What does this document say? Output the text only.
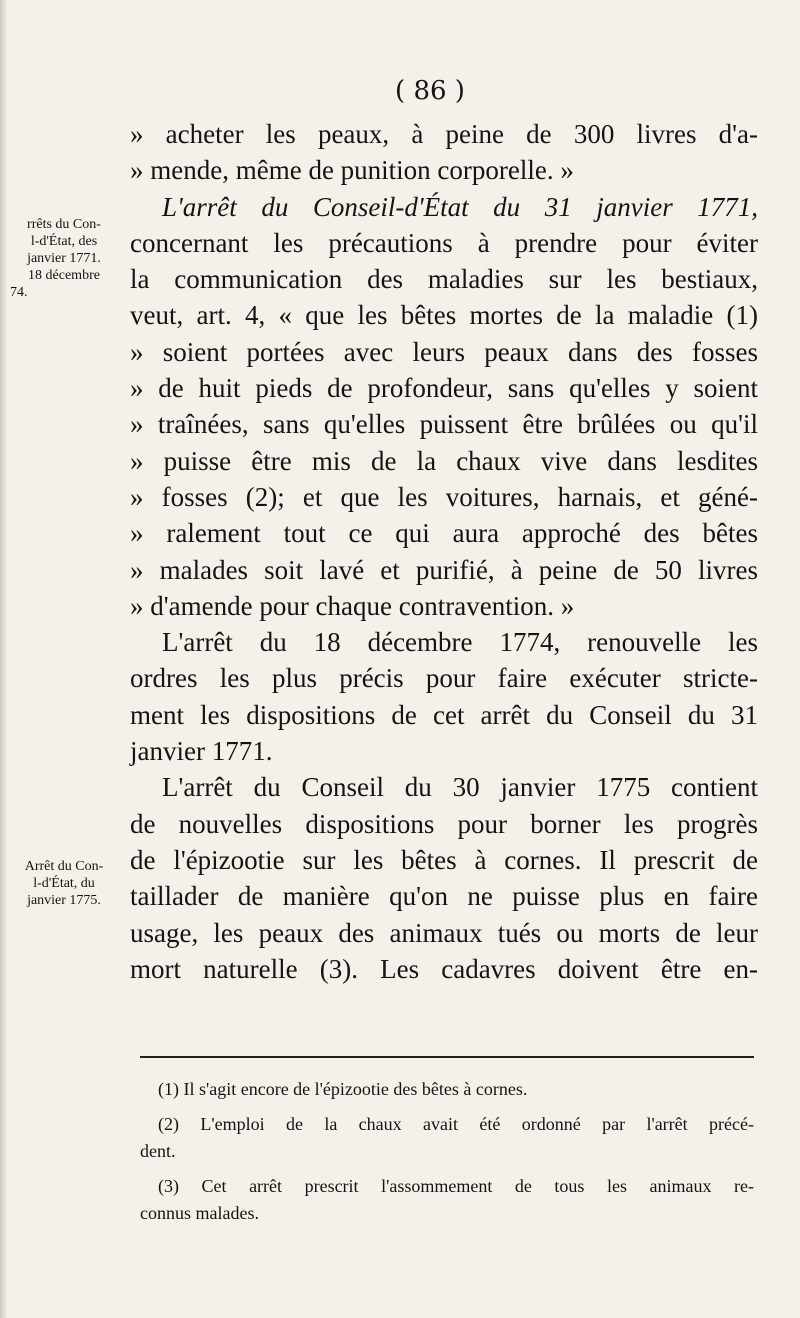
( 86 )
rrêts du Con-
l-d'État, des
janvier 1771.
18 décembre
74.
Arrêt du Con-
l-d'État, du
janvier 1775.
» acheter les peaux, à peine de 300 livres d'a-
» mende, même de punition corporelle. »
L'arrêt du Conseil-d'État du 31 janvier 1771,
concernant les précautions à prendre pour éviter
la communication des maladies sur les bestiaux,
veut, art. 4, « que les bêtes mortes de la maladie (1)
» soient portées avec leurs peaux dans des fosses
» de huit pieds de profondeur, sans qu'elles y soient
» traînées, sans qu'elles puissent être brûlées ou qu'il
» puisse être mis de la chaux vive dans lesdites
» fosses (2); et que les voitures, harnais, et géné-
» ralement tout ce qui aura approché des bêtes
» malades soit lavé et purifié, à peine de 50 livres
» d'amende pour chaque contravention. »
L'arrêt du 18 décembre 1774, renouvelle les
ordres les plus précis pour faire exécuter stricte-
ment les dispositions de cet arrêt du Conseil du 31
janvier 1771.
L'arrêt du Conseil du 30 janvier 1775 contient
de nouvelles dispositions pour borner les progrès
de l'épizootie sur les bêtes à cornes. Il prescrit de
taillader de manière qu'on ne puisse plus en faire
usage, les peaux des animaux tués ou morts de leur
mort naturelle (3). Les cadavres doivent être en-
(1) Il s'agit encore de l'épizootie des bêtes à cornes.
(2) L'emploi de la chaux avait été ordonné par l'arrêt précé-
dent.
(3) Cet arrêt prescrit l'assommement de tous les animaux re-
connus malades.
